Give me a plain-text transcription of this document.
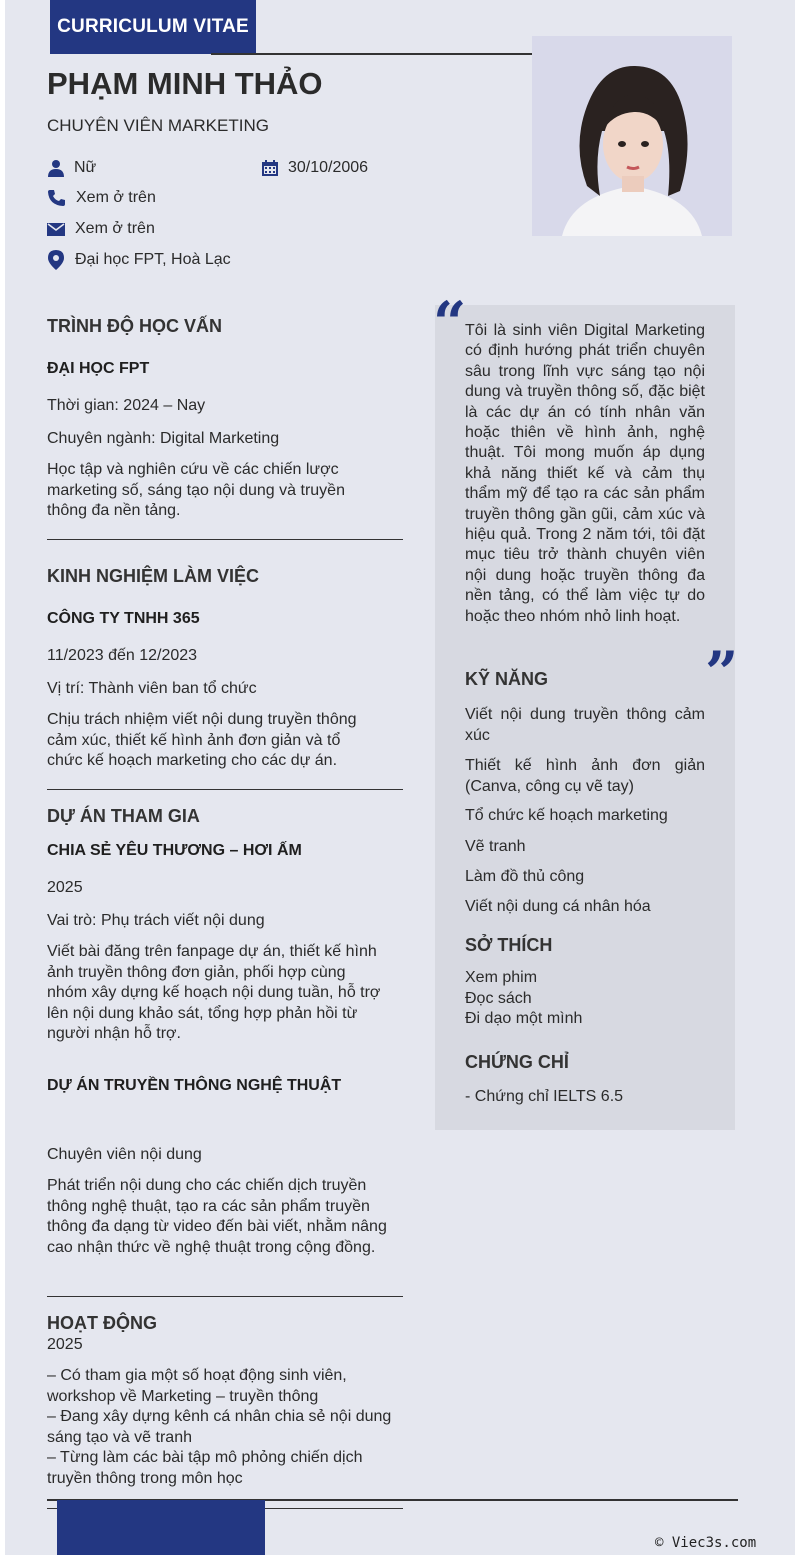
CURRICULUM VITAE
PHẠM MINH THẢO
CHUYÊN VIÊN MARKETING
Nữ	30/10/2006
Xem ở trên
Xem ở trên
Đại học FPT, Hoà Lạc
TRÌNH ĐỘ HỌC VẤN
ĐẠI HỌC FPT
Thời gian: 2024 – Nay
Chuyên ngành: Digital Marketing
Học tập và nghiên cứu về các chiến lược marketing số, sáng tạo nội dung và truyền thông đa nền tảng.
KINH NGHIỆM LÀM VIỆC
CÔNG TY TNHH 365
11/2023 đến 12/2023
Vị trí: Thành viên ban tổ chức
Chịu trách nhiệm viết nội dung truyền thông cảm xúc, thiết kế hình ảnh đơn giản và tổ chức kế hoạch marketing cho các dự án.
DỰ ÁN THAM GIA
CHIA SẺ YÊU THƯƠNG – HƠI ẤM
2025
Vai trò: Phụ trách viết nội dung
Viết bài đăng trên fanpage dự án, thiết kế hình ảnh truyền thông đơn giản, phối hợp cùng nhóm xây dựng kế hoạch nội dung tuần, hỗ trợ lên nội dung khảo sát, tổng hợp phản hồi từ người nhận hỗ trợ.
DỰ ÁN TRUYỀN THÔNG NGHỆ THUẬT
Chuyên viên nội dung
Phát triển nội dung cho các chiến dịch truyền thông nghệ thuật, tạo ra các sản phẩm truyền thông đa dạng từ video đến bài viết, nhằm nâng cao nhận thức về nghệ thuật trong cộng đồng.
HOẠT ĐỘNG
2025
– Có tham gia một số hoạt động sinh viên, workshop về Marketing – truyền thông
– Đang xây dựng kênh cá nhân chia sẻ nội dung sáng tạo và vẽ tranh
– Từng làm các bài tập mô phỏng chiến dịch truyền thông trong môn học
“
Tôi là sinh viên Digital Marketing có định hướng phát triển chuyên sâu trong lĩnh vực sáng tạo nội dung và truyền thông số, đặc biệt là các dự án có tính nhân văn hoặc thiên về hình ảnh, nghệ thuật. Tôi mong muốn áp dụng khả năng thiết kế và cảm thụ thẩm mỹ để tạo ra các sản phẩm truyền thông gần gũi, cảm xúc và hiệu quả. Trong 2 năm tới, tôi đặt mục tiêu trở thành chuyên viên nội dung hoặc truyền thông đa nền tảng, có thể làm việc tự do hoặc theo nhóm nhỏ linh hoạt.
”
KỸ NĂNG
Viết nội dung truyền thông cảm xúc
Thiết kế hình ảnh đơn giản (Canva, công cụ vẽ tay)
Tổ chức kế hoạch marketing
Vẽ tranh
Làm đồ thủ công
Viết nội dung cá nhân hóa
SỞ THÍCH
Xem phim
Đọc sách
Đi dạo một mình
CHỨNG CHỈ
- Chứng chỉ IELTS 6.5
© Viec3s.com
